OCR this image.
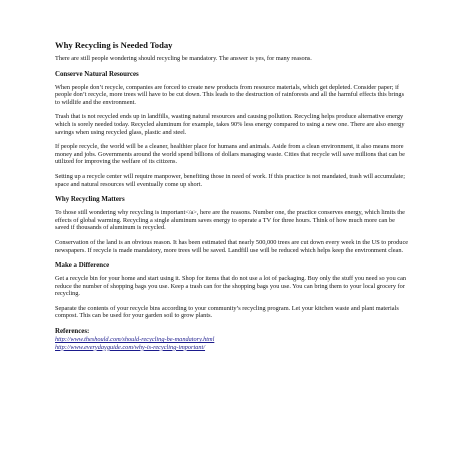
Why Recycling is Needed Today

There are still people wondering should recycling be mandatory. The answer is yes, for many reasons.

Conserve Natural Resources

When people don’t recycle, companies are forced to create new products from resource materials, which get depleted. Consider paper; if people don’t recycle, more trees will have to be cut down. This leads to the destruction of rainforests and all the harmful effects this brings to wildlife and the environment.

Trash that is not recycled ends up in landfills, wasting natural resources and causing pollution. Recycling helps produce alternative energy which is sorely needed today. Recycled aluminum for example, takes 90% less energy compared to using a new one. There are also energy savings when using recycled glass, plastic and steel.

If people recycle, the world will be a cleaner, healthier place for humans and animals. Aside from a clean environment, it also means more money and jobs. Governments around the world spend billions of dollars managing waste. Cities that recycle will save millions that can be utilized for improving the welfare of its citizens.

Setting up a recycle center will require manpower, benefiting those in need of work. If this practice is not mandated, trash will accumulate; space and natural resources will eventually come up short.

Why Recycling Matters

To those still wondering why recycling is important</a>, here are the reasons. Number one, the practice conserves energy, which limits the effects of global warming. Recycling a single aluminum saves energy to operate a TV for three hours. Think of how much more can be saved if thousands of aluminum is recycled.

Conservation of the land is an obvious reason. It has been estimated that nearly 500,000 trees are cut down every week in the US to produce newspapers. If recycle is made mandatory, more trees will be saved. Landfill use will be reduced which helps keep the environment clean.

Make a Difference

Get a recycle bin for your home and start using it. Shop for items that do not use a lot of packaging. Buy only the stuff you need so you can reduce the number of shopping bags you use. Keep a trash can for the shopping bags you use. You can bring them to your local grocery for recycling.

Separate the contents of your recycle bins according to your community’s recycling program. Let your kitchen waste and plant materials compost. This can be used for your garden soil to grow plants.

References:
http://www.theshould.com/should-recycling-be-mandatory.html
http://www.everydayguide.com/why-is-recycling-important/
